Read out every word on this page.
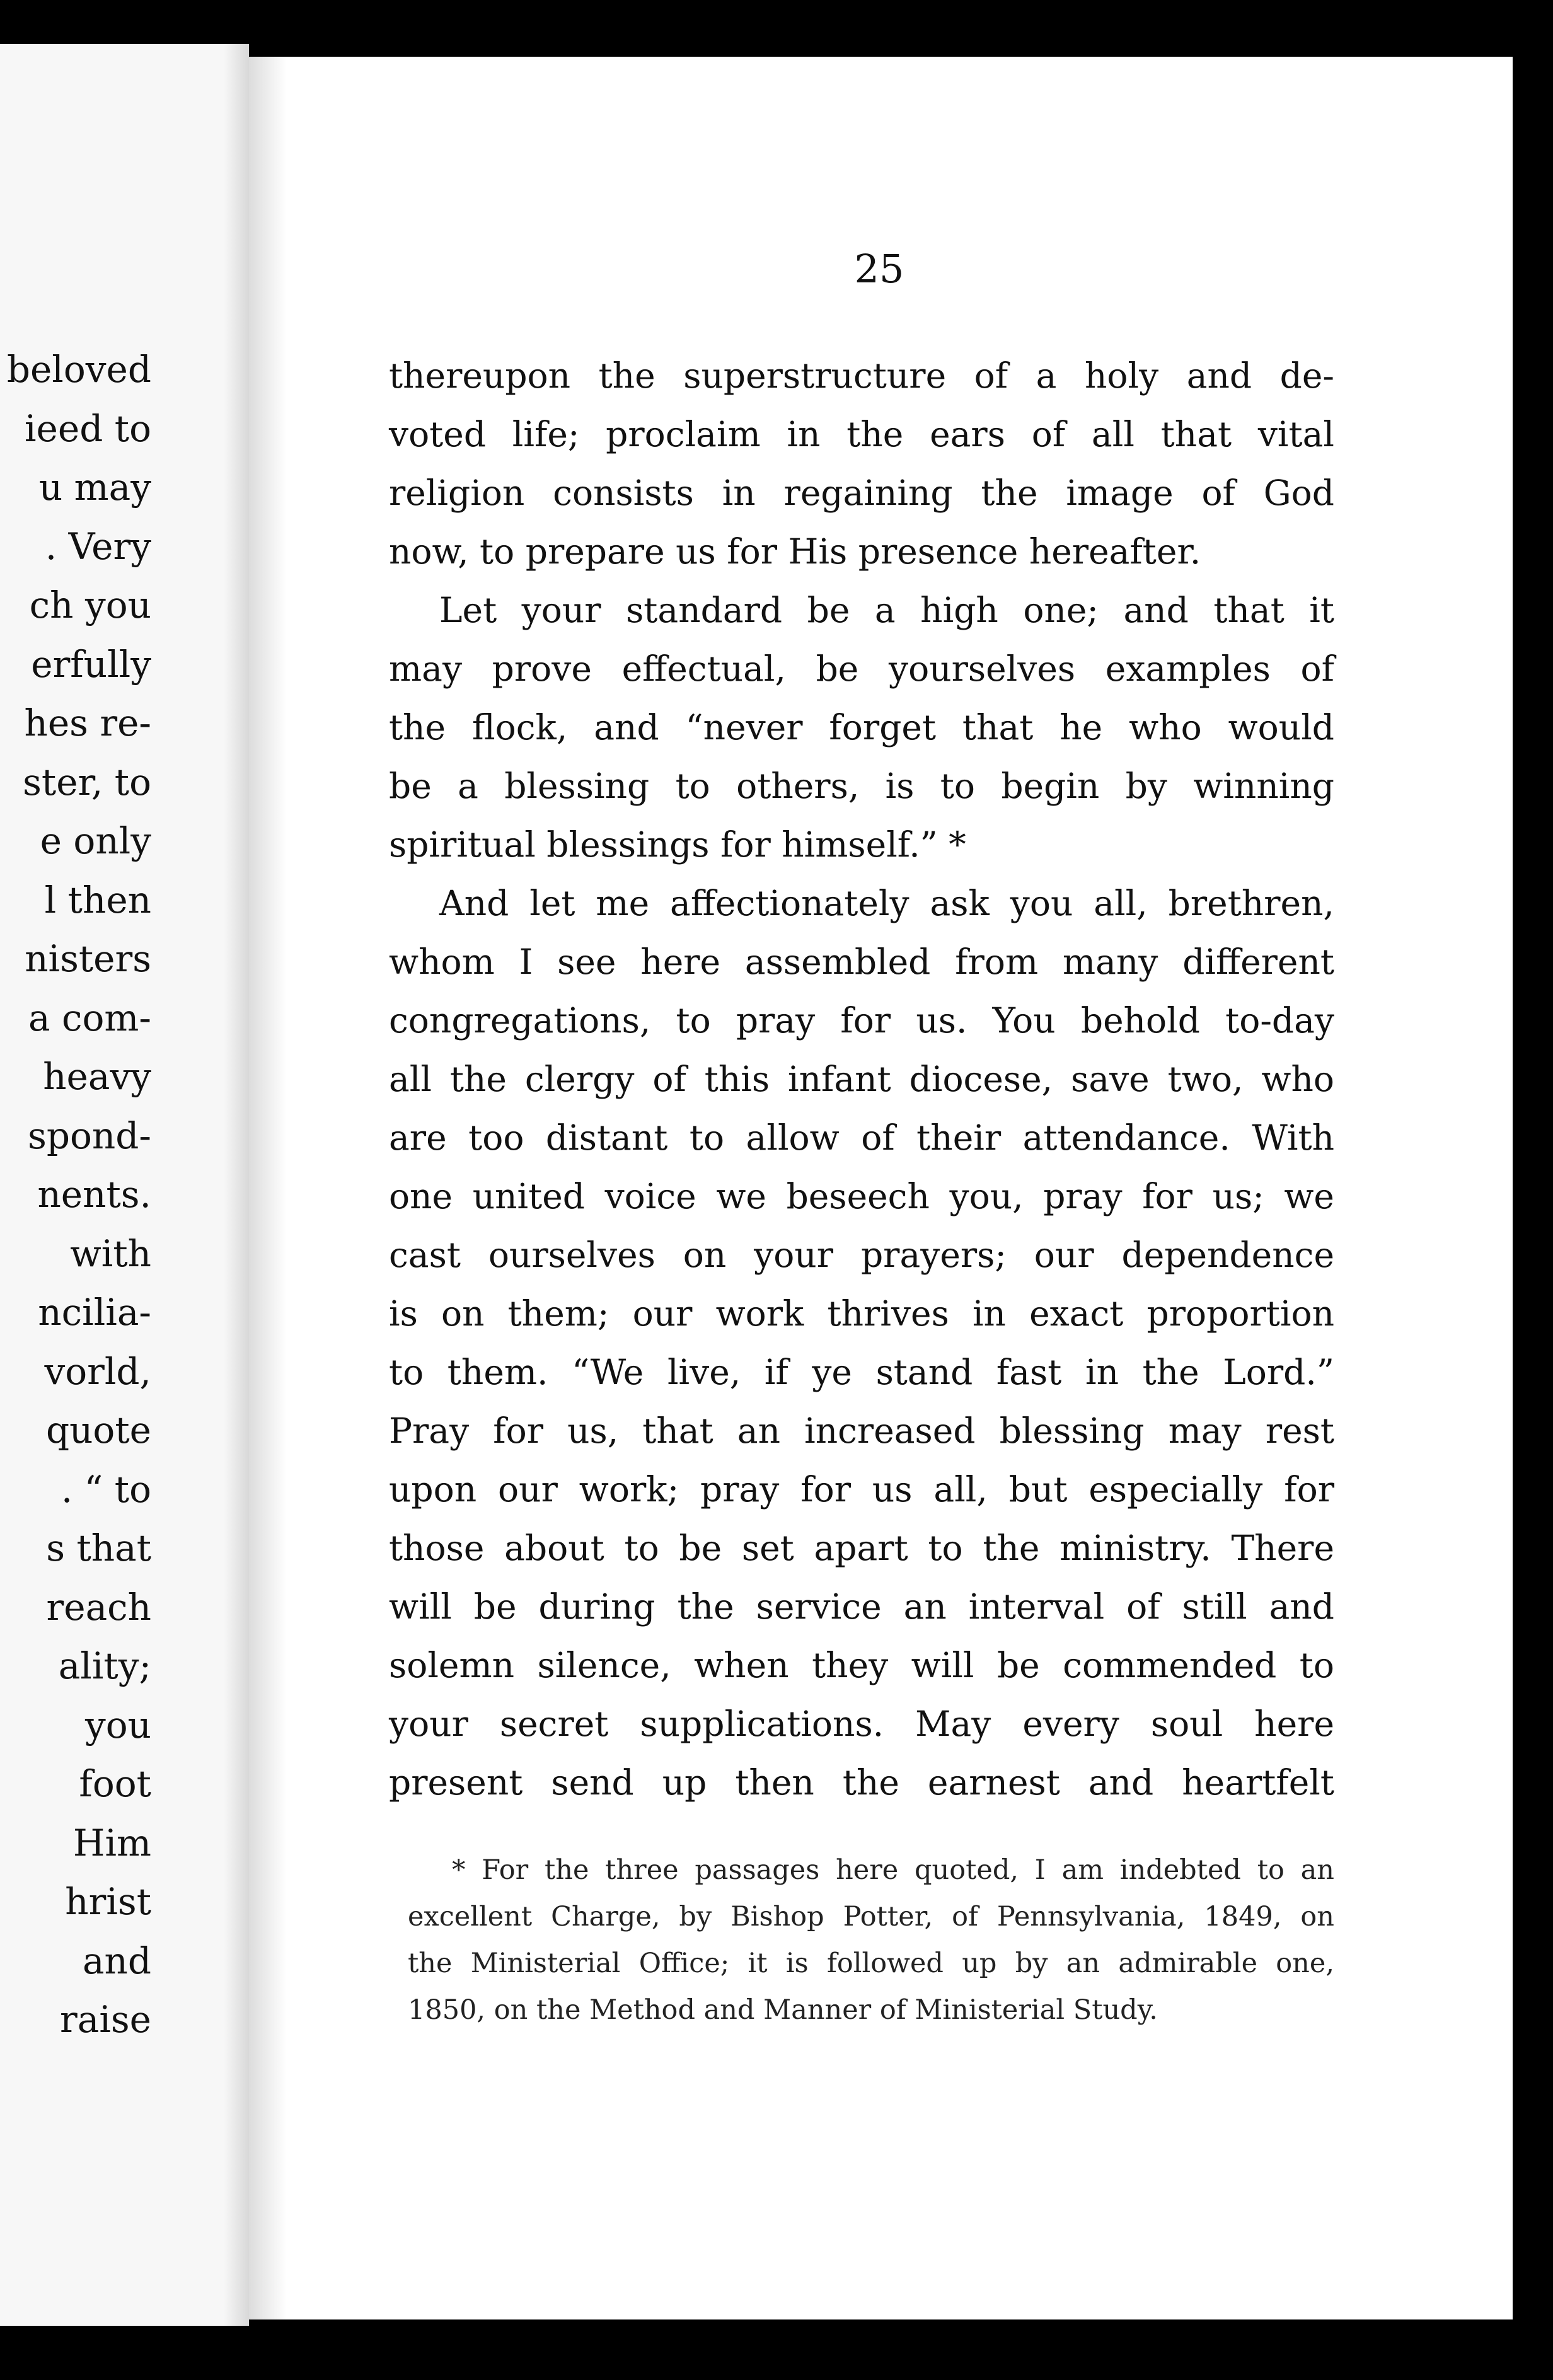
beloved
ieed to
u may
. Very
ch you
erfully
hes re-
ster, to
e only
l then
nisters
a com-
heavy
spond-
nents.
with
ncilia-
vorld,
quote
. “ to
s that
reach
ality;
you
foot
Him
hrist
and
raise
25

thereupon the superstructure of a holy and de-
voted life; proclaim in the ears of all that vital
religion consists in regaining the image of God
now, to prepare us for His presence hereafter.

Let your standard be a high one; and that it
may prove effectual, be yourselves examples of
the flock, and “never forget that he who would
be a blessing to others, is to begin by winning
spiritual blessings for himself.” *

And let me affectionately ask you all, brethren,
whom I see here assembled from many different
congregations, to pray for us. You behold to-day
all the clergy of this infant diocese, save two, who
are too distant to allow of their attendance. With
one united voice we beseech you, pray for us; we
cast ourselves on your prayers; our dependence
is on them; our work thrives in exact proportion
to them. “We live, if ye stand fast in the Lord.”
Pray for us, that an increased blessing may rest
upon our work; pray for us all, but especially for
those about to be set apart to the ministry. There
will be during the service an interval of still and
solemn silence, when they will be commended to
your secret supplications. May every soul here
present send up then the earnest and heartfelt

* For the three passages here quoted, I am indebted to an
excellent Charge, by Bishop Potter, of Pennsylvania, 1849, on
the Ministerial Office; it is followed up by an admirable one,
1850, on the Method and Manner of Ministerial Study.
